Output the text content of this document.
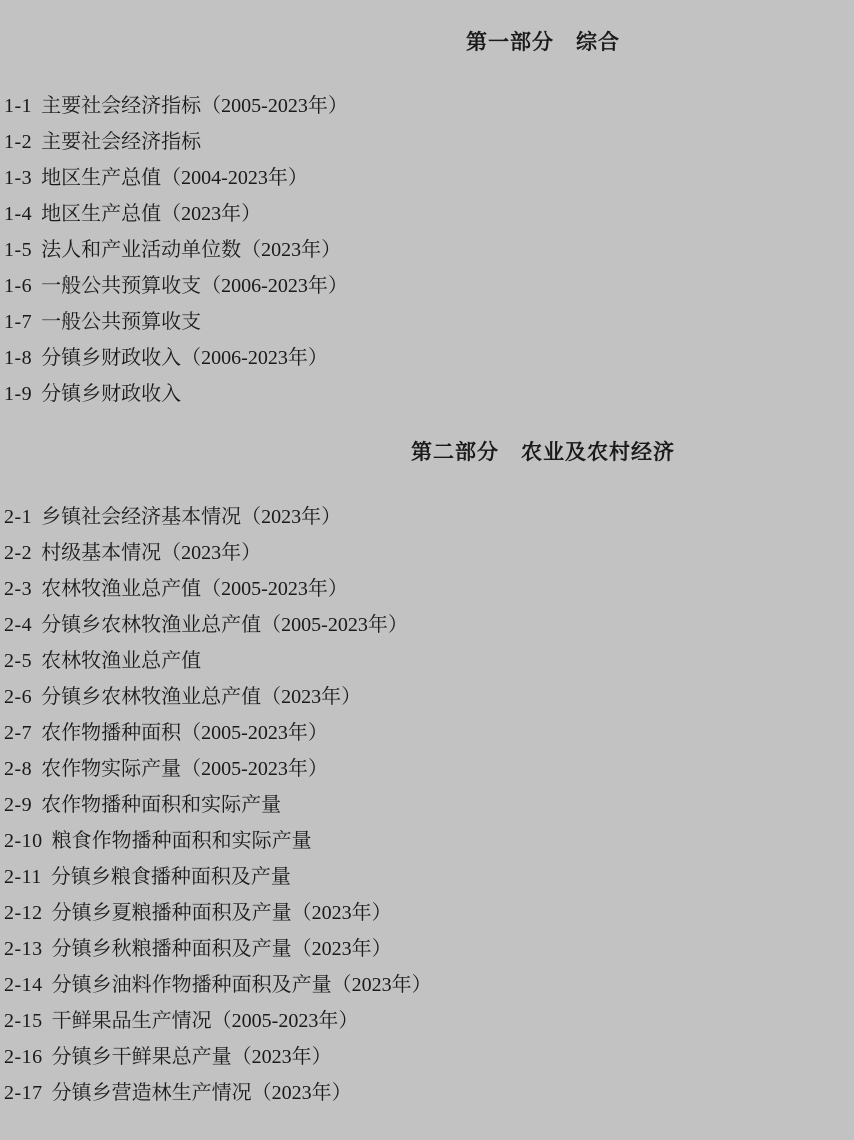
第一部分　综合
1-1 主要社会经济指标（2005-2023年）
1-2 主要社会经济指标
1-3 地区生产总值（2004-2023年）
1-4 地区生产总值（2023年）
1-5 法人和产业活动单位数（2023年）
1-6 一般公共预算收支（2006-2023年）
1-7 一般公共预算收支
1-8 分镇乡财政收入（2006-2023年）
1-9 分镇乡财政收入
第二部分　农业及农村经济
2-1 乡镇社会经济基本情况（2023年）
2-2 村级基本情况（2023年）
2-3 农林牧渔业总产值（2005-2023年）
2-4 分镇乡农林牧渔业总产值（2005-2023年）
2-5 农林牧渔业总产值
2-6 分镇乡农林牧渔业总产值（2023年）
2-7 农作物播种面积（2005-2023年）
2-8 农作物实际产量（2005-2023年）
2-9 农作物播种面积和实际产量
2-10 粮食作物播种面积和实际产量
2-11 分镇乡粮食播种面积及产量
2-12 分镇乡夏粮播种面积及产量（2023年）
2-13 分镇乡秋粮播种面积及产量（2023年）
2-14 分镇乡油料作物播种面积及产量（2023年）
2-15 干鲜果品生产情况（2005-2023年）
2-16 分镇乡干鲜果总产量（2023年）
2-17 分镇乡营造林生产情况（2023年）
